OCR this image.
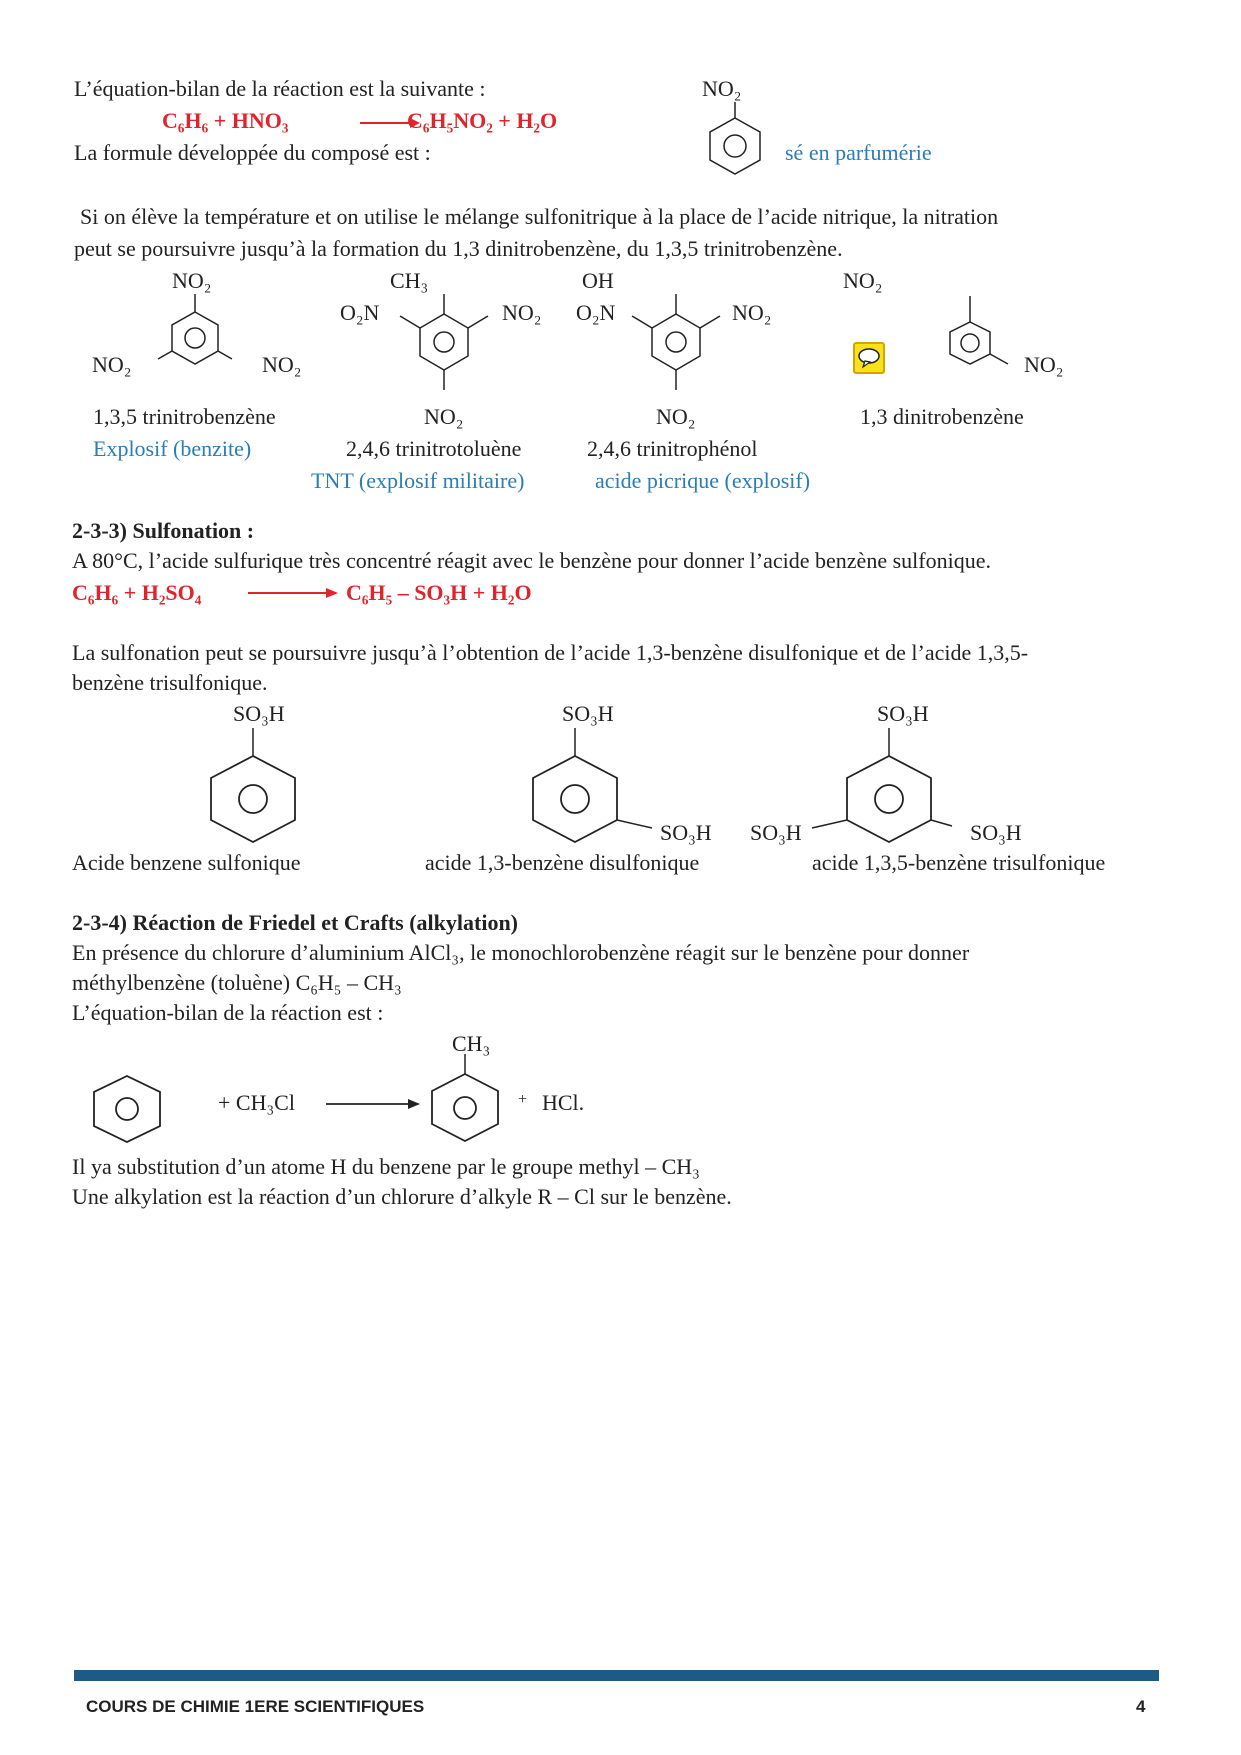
L’équation-bilan de la réaction est la suivante :
C₆H₆ + HNO₃	C₆H₅NO₂ + H₂O
La formule développée du composé est :
NO₂
sé en parfumérie
Si on élève la température et on utilise le mélange sulfonitrique à la place de l’acide nitrique, la nitration
peut se poursuivre jusqu’à la formation du 1,3 dinitrobenzène, du 1,3,5 trinitrobenzène.
NO₂
NO₂	NO₂
1,3,5 trinitrobenzène
Explosif (benzite)
CH₃
O₂N	NO₂
NO₂
2,4,6 trinitrotoluène
TNT (explosif militaire)
OH
O₂N	NO₂
NO₂
2,4,6 trinitrophénol
acide picrique (explosif)
NO₂
NO₂
1,3 dinitrobenzène
2-3-3) Sulfonation :
A 80°C, l’acide sulfurique très concentré réagit avec le benzène pour donner l’acide benzène sulfonique.
C₆H₆ + H₂SO₄	C₆H₅ – SO₃H + H₂O
La sulfonation peut se poursuivre jusqu’à l’obtention de l’acide 1,3-benzène disulfonique et de l’acide 1,3,5-
benzène trisulfonique.
SO₃H
Acide benzene sulfonique
SO₃H
SO₃H
acide 1,3-benzène disulfonique
SO₃H
SO₃H	SO₃H
acide 1,3,5-benzène trisulfonique
2-3-4) Réaction de Friedel et Crafts (alkylation)
En présence du chlorure d’aluminium AlCl₃, le monochlorobenzène réagit sur le benzène pour donner
méthylbenzène (toluène) C₆H₅ – CH₃
L’équation-bilan de la réaction est :
+ CH₃Cl
CH₃
+ HCl.
Il ya substitution d’un atome H du benzene par le groupe methyl – CH₃
Une alkylation est la réaction d’un chlorure d’alkyle R – Cl sur le benzène.
COURS DE CHIMIE 1ERE SCIENTIFIQUES	4
